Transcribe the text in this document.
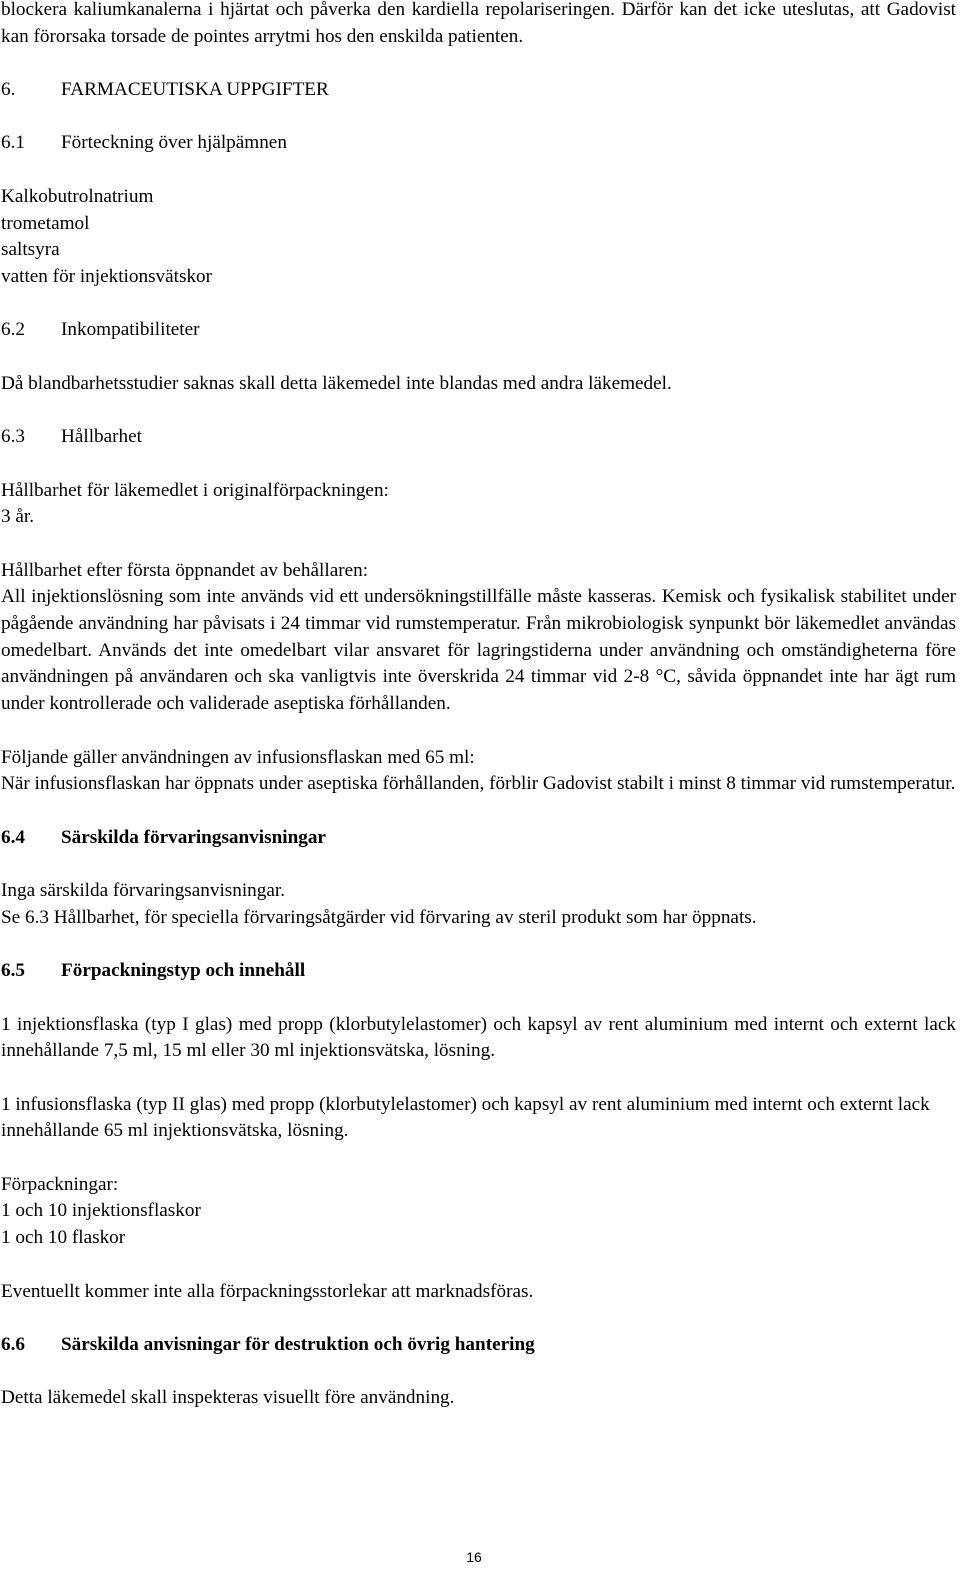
blockera kaliumkanalerna i hjärtat och påverka den kardiella repolariseringen. Därför kan det icke uteslutas, att Gadovist kan förorsaka torsade de pointes arrytmi hos den enskilda patienten.

6.	FARMACEUTISKA UPPGIFTER
6.1	Förteckning över hjälpämnen
Kalkobutrolnatrium
trometamol
saltsyra
vatten för injektionsvätskor
6.2	Inkompatibiliteter

Då blandbarhetsstudier saknas skall detta läkemedel inte blandas med andra läkemedel.

6.3	Hållbarhet
Hållbarhet för läkemedlet i originalförpackningen:
3 år.
Hållbarhet efter första öppnandet av behållaren:

All injektionslösning som inte används vid ett undersökningstillfälle måste kasseras. Kemisk och fysikalisk stabilitet under pågående användning har påvisats i 24 timmar vid rumstemperatur. Från mikrobiologisk synpunkt bör läkemedlet användas omedelbart. Används det inte omedelbart vilar ansvaret för lagringstiderna under användning och omständigheterna före användningen på användaren och ska vanligtvis inte överskrida 24 timmar vid 2-8 °C, såvida öppnandet inte har ägt rum under kontrollerade och validerade aseptiska förhållanden.

Följande gäller användningen av infusionsflaskan med 65 ml:

När infusionsflaskan har öppnats under aseptiska förhållanden, förblir Gadovist stabilt i minst 8 timmar vid rumstemperatur.

6.4	Särskilda förvaringsanvisningar
Inga särskilda förvaringsanvisningar.
Se 6.3 Hållbarhet, för speciella förvaringsåtgärder vid förvaring av steril produkt som har öppnats.
6.5	Förpackningstyp och innehåll

1 injektionsflaska (typ I glas) med propp (klorbutylelastomer) och kapsyl av rent aluminium med internt och externt lack innehållande 7,5 ml, 15 ml eller 30 ml injektionsvätska, lösning.

1 infusionsflaska (typ II glas) med propp (klorbutylelastomer) och kapsyl av rent aluminium med internt och externt lack innehållande 65 ml injektionsvätska, lösning.

Förpackningar:
1 och 10 injektionsflaskor
1 och 10 flaskor
Eventuellt kommer inte alla förpackningsstorlekar att marknadsföras.
6.6	Särskilda anvisningar för destruktion och övrig hantering
Detta läkemedel skall inspekteras visuellt före användning.
16
